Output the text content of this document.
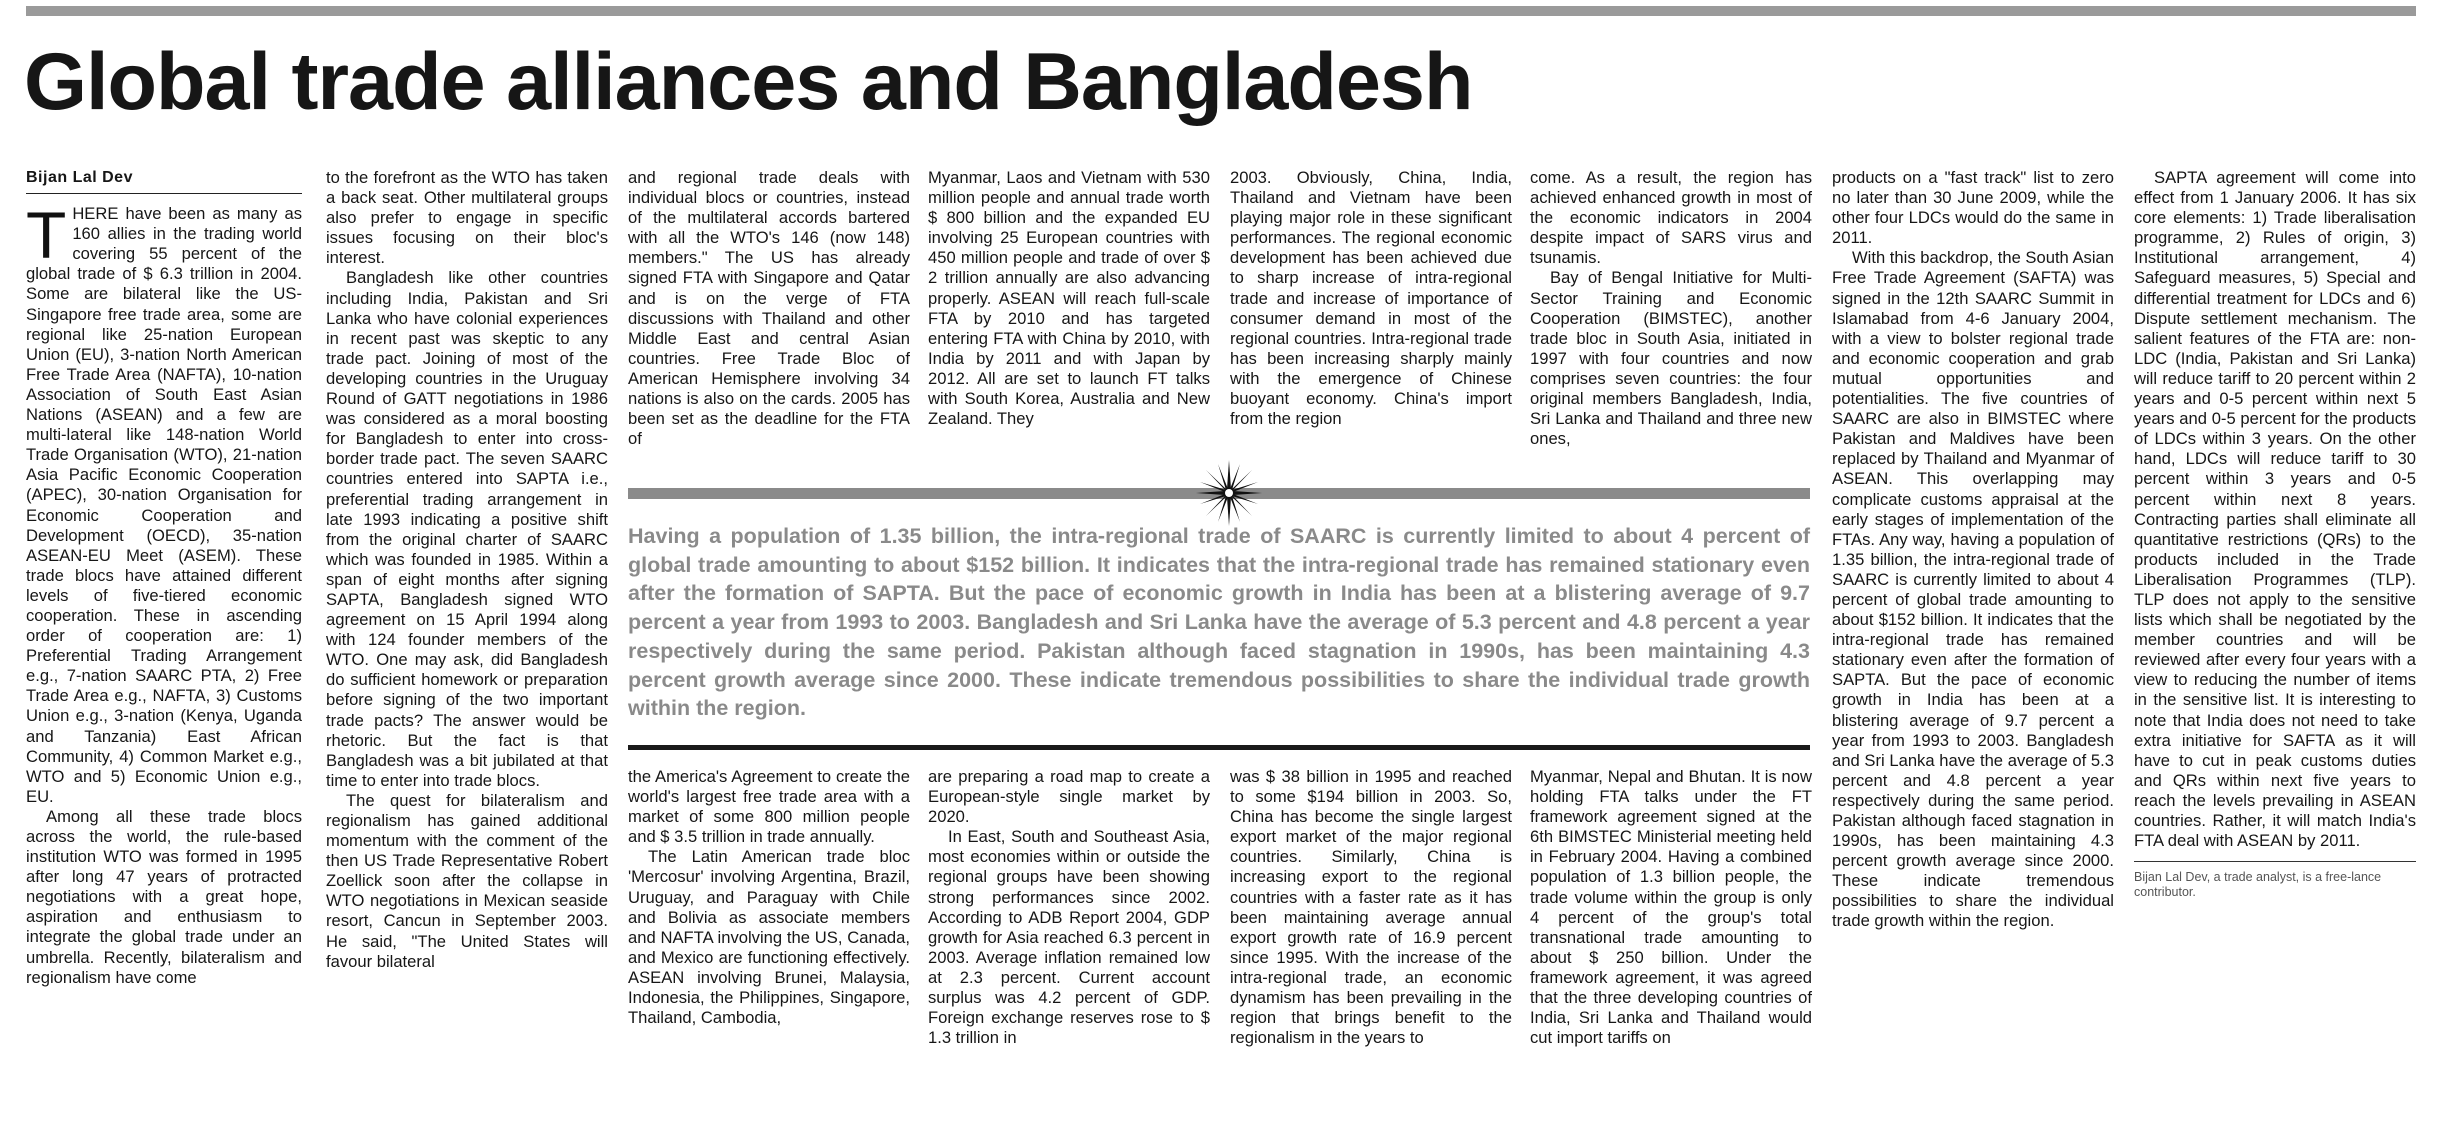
Global trade alliances and Bangladesh
Bijan Lal Dev

THERE have been as many as 160 allies in the trading world covering 55 percent of the global trade of $ 6.3 trillion in 2004. Some are bilateral like the US-Singapore free trade area, some are regional like 25-nation European Union (EU), 3-nation North American Free Trade Area (NAFTA), 10-nation Association of South East Asian Nations (ASEAN) and a few are multi-lateral like 148-nation World Trade Organisation (WTO), 21-nation Asia Pacific Economic Cooperation (APEC), 30-nation Organisation for Economic Cooperation and Development (OECD), 35-nation ASEAN-EU Meet (ASEM). These trade blocs have attained different levels of five-tiered economic cooperation. These in ascending order of cooperation are: 1) Preferential Trading Arrangement e.g., 7-nation SAARC PTA, 2) Free Trade Area e.g., NAFTA, 3) Customs Union e.g., 3-nation (Kenya, Uganda and Tanzania) East African Community, 4) Common Market e.g., WTO and 5) Economic Union e.g., EU.

Among all these trade blocs across the world, the rule-based institution WTO was formed in 1995 after long 47 years of protracted negotiations with a great hope, aspiration and enthusiasm to integrate the global trade under an umbrella. Recently, bilateralism and regionalism have come

to the forefront as the WTO has taken a back seat. Other multilateral groups also prefer to engage in specific issues focusing on their bloc's interest.

Bangladesh like other countries including India, Pakistan and Sri Lanka who have colonial experiences in recent past was skeptic to any trade pact. Joining of most of the developing countries in the Uruguay Round of GATT negotiations in 1986 was considered as a moral boosting for Bangladesh to enter into cross-border trade pact. The seven SAARC countries entered into SAPTA i.e., preferential trading arrangement in late 1993 indicating a positive shift from the original charter of SAARC which was founded in 1985. Within a span of eight months after signing SAPTA, Bangladesh signed WTO agreement on 15 April 1994 along with 124 founder members of the WTO. One may ask, did Bangladesh do sufficient homework or preparation before signing of the two important trade pacts? The answer would be rhetoric. But the fact is that Bangladesh was a bit jubilated at that time to enter into trade blocs.

The quest for bilateralism and regionalism has gained additional momentum with the comment of the then US Trade Representative Robert Zoellick soon after the collapse in WTO negotiations in Mexican seaside resort, Cancun in September 2003. He said, "The United States will favour bilateral

and regional trade deals with individual blocs or countries, instead of the multilateral accords bartered with all the WTO's 146 (now 148) members." The US has already signed FTA with Singapore and Qatar and is on the verge of FTA discussions with Thailand and other Middle East and central Asian countries. Free Trade Bloc of American Hemisphere involving 34 nations is also on the cards. 2005 has been set as the deadline for the FTA of

Myanmar, Laos and Vietnam with 530 million people and annual trade worth $ 800 billion and the expanded EU involving 25 European countries with 450 million people and trade of over $ 2 trillion annually are also advancing properly. ASEAN will reach full-scale FTA by 2010 and has targeted entering FTA with China by 2010, with India by 2011 and with Japan by 2012. All are set to launch FT talks with South Korea, Australia and New Zealand. They

2003. Obviously, China, India, Thailand and Vietnam have been playing major role in these significant performances. The regional economic development has been achieved due to sharp increase of intra-regional trade and increase of importance of consumer demand in most of the regional countries. Intra-regional trade has been increasing sharply mainly with the emergence of Chinese buoyant economy. China's import from the region

come. As a result, the region has achieved enhanced growth in most of the economic indicators in 2004 despite impact of SARS virus and tsunamis.

Bay of Bengal Initiative for Multi-Sector Training and Economic Cooperation (BIMSTEC), another trade bloc in South Asia, initiated in 1997 with four countries and now comprises seven countries: the four original members Bangladesh, India, Sri Lanka and Thailand and three new ones,

Having a population of 1.35 billion, the intra-regional trade of SAARC is currently limited to about 4 percent of global trade amounting to about $152 billion. It indicates that the intra-regional trade has remained stationary even after the formation of SAPTA. But the pace of economic growth in India has been at a blistering average of 9.7 percent a year from 1993 to 2003. Bangladesh and Sri Lanka have the average of 5.3 percent and 4.8 percent a year respectively during the same period. Pakistan although faced stagnation in 1990s, has been maintaining 4.3 percent growth average since 2000. These indicate tremendous possibilities to share the individual trade growth within the region.

the America's Agreement to create the world's largest free trade area with a market of some 800 million people and $ 3.5 trillion in trade annually.

The Latin American trade bloc 'Mercosur' involving Argentina, Brazil, Uruguay, and Paraguay with Chile and Bolivia as associate members and NAFTA involving the US, Canada, and Mexico are functioning effectively. ASEAN involving Brunei, Malaysia, Indonesia, the Philippines, Singapore, Thailand, Cambodia,

are preparing a road map to create a European-style single market by 2020.

In East, South and Southeast Asia, most economies within or outside the regional groups have been showing strong performances since 2002. According to ADB Report 2004, GDP growth for Asia reached 6.3 percent in 2003. Average inflation remained low at 2.3 percent. Current account surplus was 4.2 percent of GDP. Foreign exchange reserves rose to $ 1.3 trillion in

was $ 38 billion in 1995 and reached to some $194 billion in 2003. So, China has become the single largest export market of the major regional countries. Similarly, China is increasing export to the regional countries with a faster rate as it has been maintaining average annual export growth rate of 16.9 percent since 1995. With the increase of the intra-regional trade, an economic dynamism has been prevailing in the region that brings benefit to the regionalism in the years to

Myanmar, Nepal and Bhutan. It is now holding FTA talks under the FT framework agreement signed at the 6th BIMSTEC Ministerial meeting held in February 2004. Having a combined population of 1.3 billion people, the trade volume within the group is only 4 percent of the group's total transnational trade amounting to about $ 250 billion. Under the framework agreement, it was agreed that the three developing countries of India, Sri Lanka and Thailand would cut import tariffs on

products on a "fast track" list to zero no later than 30 June 2009, while the other four LDCs would do the same in 2011.

With this backdrop, the South Asian Free Trade Agreement (SAFTA) was signed in the 12th SAARC Summit in Islamabad from 4-6 January 2004, with a view to bolster regional trade and economic cooperation and grab mutual opportunities and potentialities. The five countries of SAARC are also in BIMSTEC where Pakistan and Maldives have been replaced by Thailand and Myanmar of ASEAN. This overlapping may complicate customs appraisal at the early stages of implementation of the FTAs. Any way, having a population of 1.35 billion, the intra-regional trade of SAARC is currently limited to about 4 percent of global trade amounting to about $152 billion. It indicates that the intra-regional trade has remained stationary even after the formation of SAPTA. But the pace of economic growth in India has been at a blistering average of 9.7 percent a year from 1993 to 2003. Bangladesh and Sri Lanka have the average of 5.3 percent and 4.8 percent a year respectively during the same period. Pakistan although faced stagnation in 1990s, has been maintaining 4.3 percent growth average since 2000. These indicate tremendous possibilities to share the individual trade growth within the region.

SAPTA agreement will come into effect from 1 January 2006. It has six core elements: 1) Trade liberalisation programme, 2) Rules of origin, 3) Institutional arrangement, 4) Safeguard measures, 5) Special and differential treatment for LDCs and 6) Dispute settlement mechanism. The salient features of the FTA are: non-LDC (India, Pakistan and Sri Lanka) will reduce tariff to 20 percent within 2 years and 0-5 percent within next 5 years and 0-5 percent for the products of LDCs within 3 years. On the other hand, LDCs will reduce tariff to 30 percent within 3 years and 0-5 percent within next 8 years. Contracting parties shall eliminate all quantitative restrictions (QRs) to the products included in the Trade Liberalisation Programmes (TLP). TLP does not apply to the sensitive lists which shall be negotiated by the member countries and will be reviewed after every four years with a view to reducing the number of items in the sensitive list. It is interesting to note that India does not need to take extra initiative for SAFTA as it will have to cut in peak customs duties and QRs within next five years to reach the levels prevailing in ASEAN countries. Rather, it will match India's FTA deal with ASEAN by 2011.

Bijan Lal Dev, a trade analyst, is a free-lance contributor.
